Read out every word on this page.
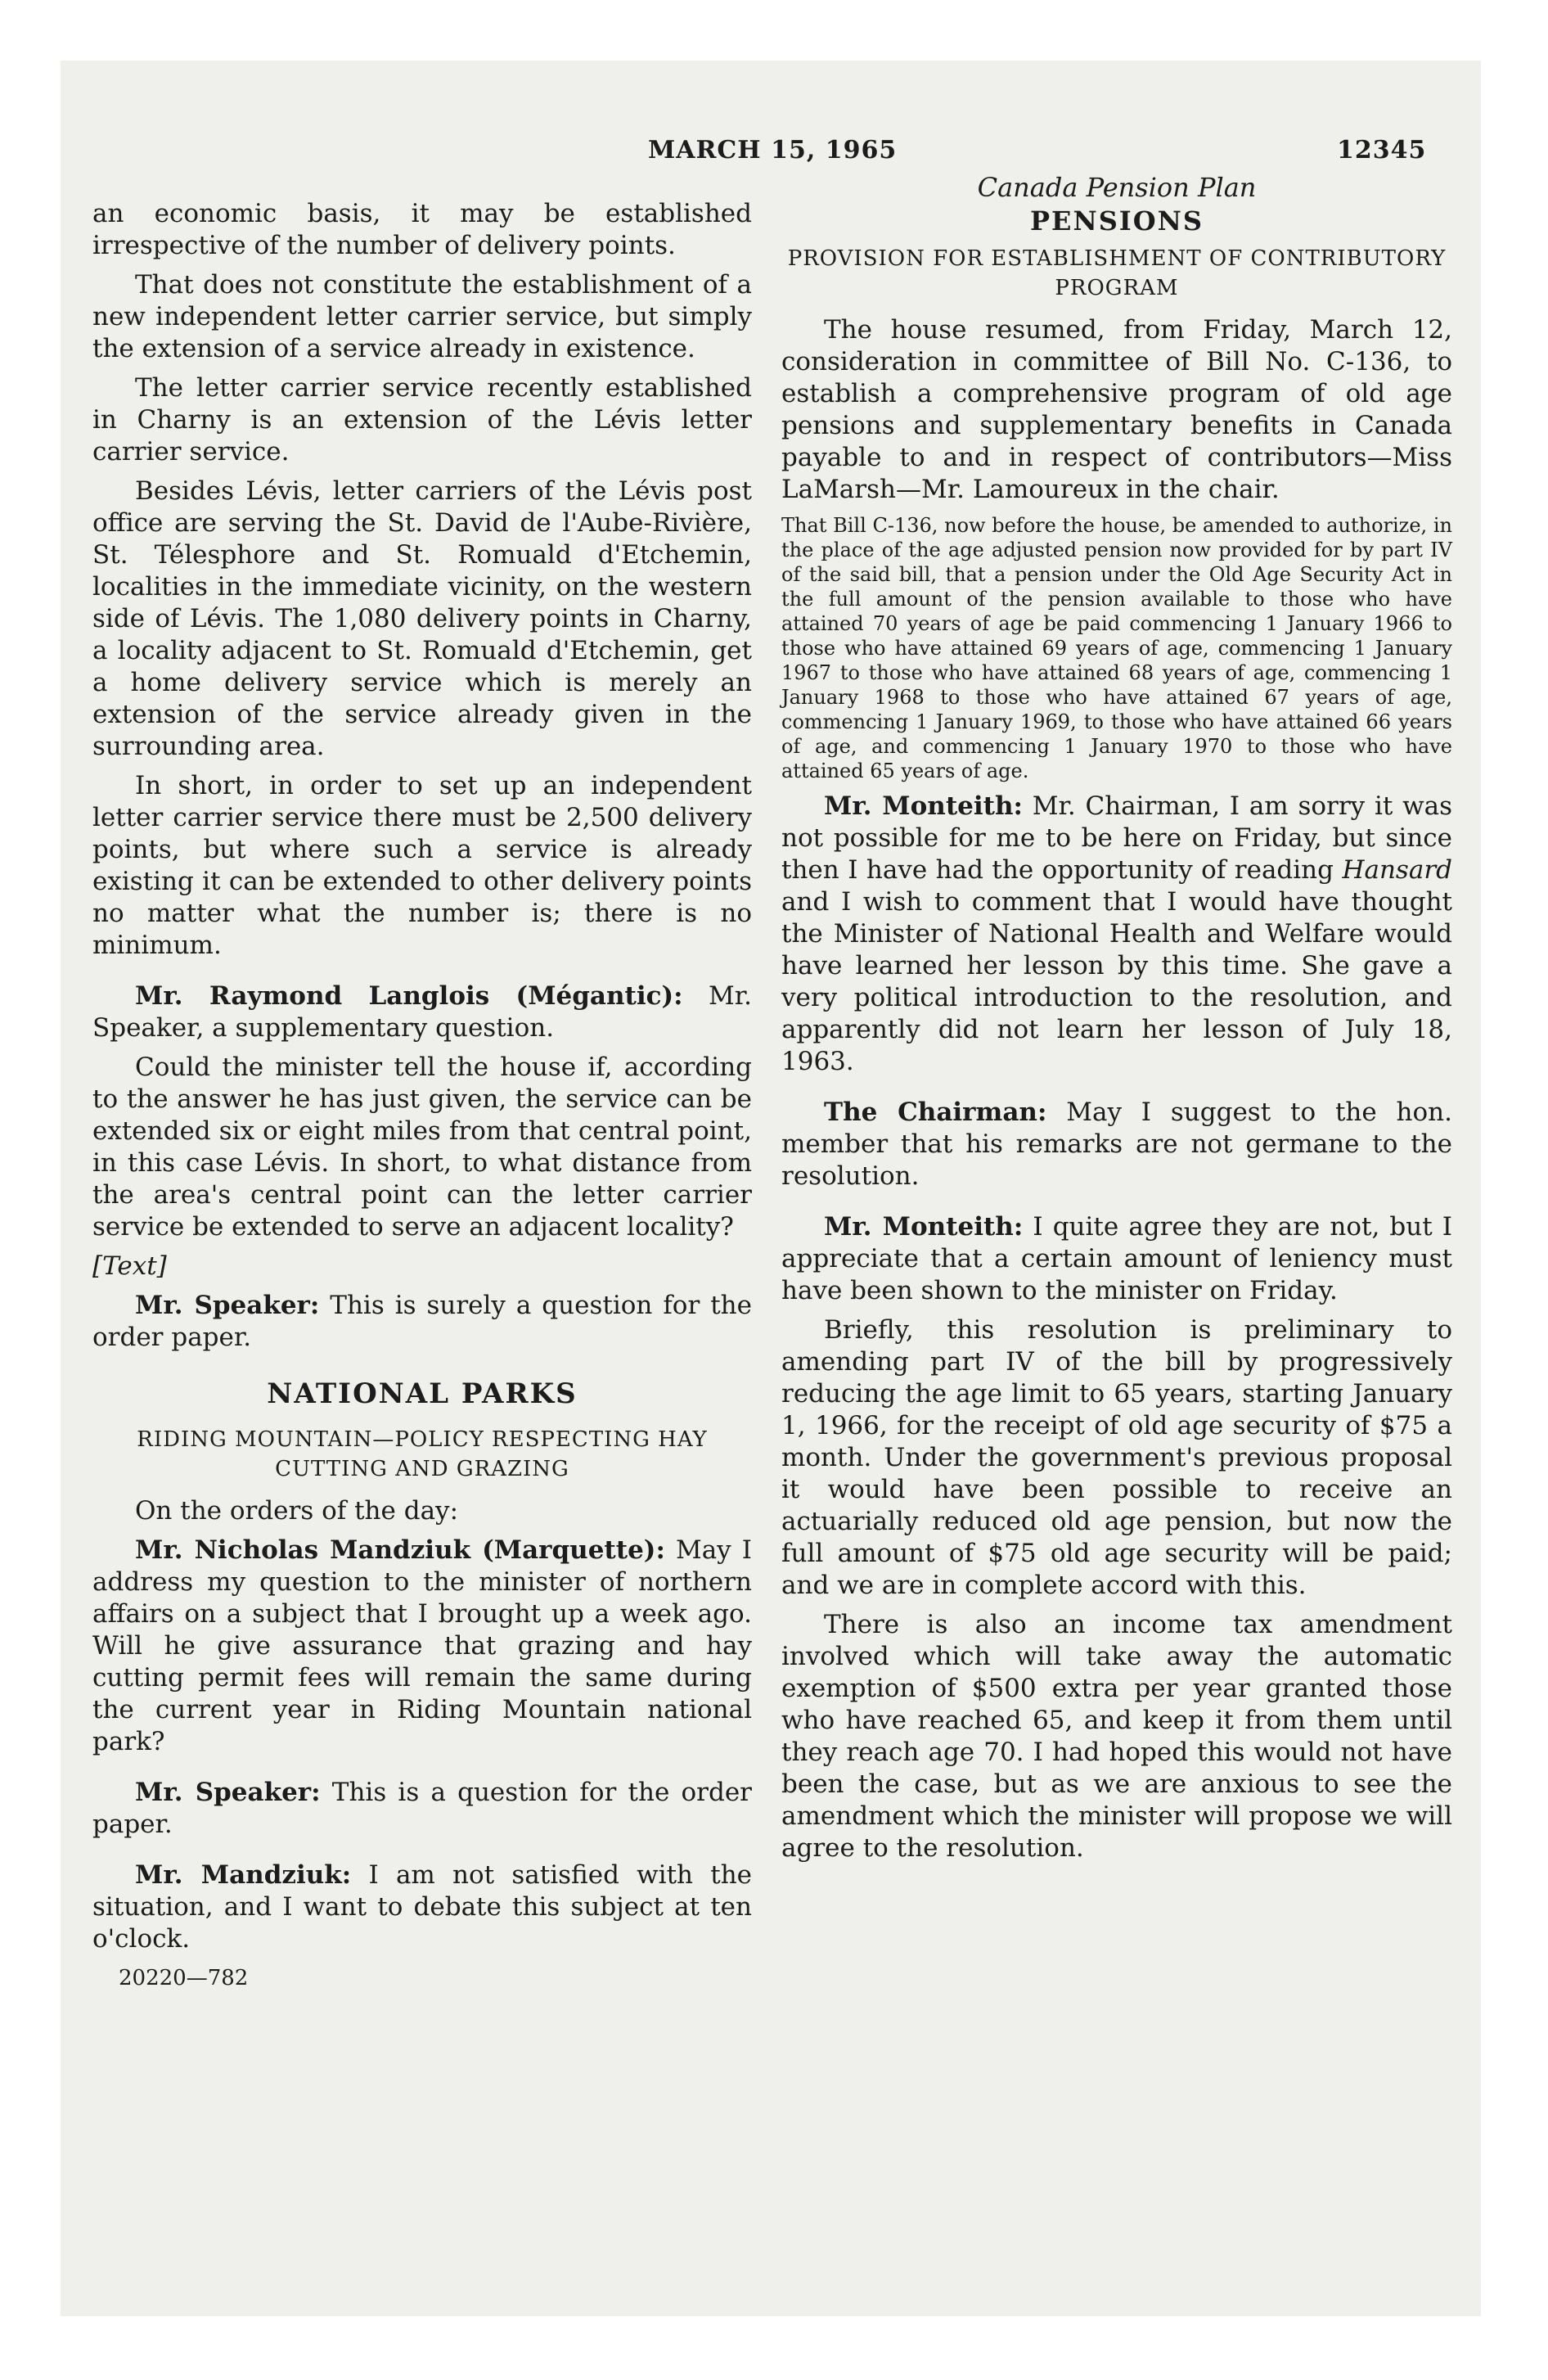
MARCH 15, 1965	12345

an economic basis, it may be established irrespective of the number of delivery points.

That does not constitute the establishment of a new independent letter carrier service, but simply the extension of a service already in existence.

The letter carrier service recently established in Charny is an extension of the Lévis letter carrier service.

Besides Lévis, letter carriers of the Lévis post office are serving the St. David de l'Aube-Rivière, St. Télesphore and St. Romuald d'Etchemin, localities in the immediate vicinity, on the western side of Lévis. The 1,080 delivery points in Charny, a locality adjacent to St. Romuald d'Etchemin, get a home delivery service which is merely an extension of the service already given in the surrounding area.

In short, in order to set up an independent letter carrier service there must be 2,500 delivery points, but where such a service is already existing it can be extended to other delivery points no matter what the number is; there is no minimum.

Mr. Raymond Langlois (Mégantic): Mr. Speaker, a supplementary question.

Could the minister tell the house if, according to the answer he has just given, the service can be extended six or eight miles from that central point, in this case Lévis. In short, to what distance from the area's central point can the letter carrier service be extended to serve an adjacent locality?

[Text]

Mr. Speaker: This is surely a question for the order paper.

NATIONAL PARKS
RIDING MOUNTAIN—POLICY RESPECTING HAY CUTTING AND GRAZING

On the orders of the day:

Mr. Nicholas Mandziuk (Marquette): May I address my question to the minister of northern affairs on a subject that I brought up a week ago. Will he give assurance that grazing and hay cutting permit fees will remain the same during the current year in Riding Mountain national park?

Mr. Speaker: This is a question for the order paper.

Mr. Mandziuk: I am not satisfied with the situation, and I want to debate this subject at ten o'clock.

20220—782

Canada Pension Plan
PENSIONS
PROVISION FOR ESTABLISHMENT OF CONTRIBUTORY PROGRAM

The house resumed, from Friday, March 12, consideration in committee of Bill No. C-136, to establish a comprehensive program of old age pensions and supplementary benefits in Canada payable to and in respect of contributors—Miss LaMarsh—Mr. Lamoureux in the chair.

That Bill C-136, now before the house, be amended to authorize, in the place of the age adjusted pension now provided for by part IV of the said bill, that a pension under the Old Age Security Act in the full amount of the pension available to those who have attained 70 years of age be paid commencing 1 January 1966 to those who have attained 69 years of age, commencing 1 January 1967 to those who have attained 68 years of age, commencing 1 January 1968 to those who have attained 67 years of age, commencing 1 January 1969, to those who have attained 66 years of age, and commencing 1 January 1970 to those who have attained 65 years of age.

Mr. Monteith: Mr. Chairman, I am sorry it was not possible for me to be here on Friday, but since then I have had the opportunity of reading Hansard and I wish to comment that I would have thought the Minister of National Health and Welfare would have learned her lesson by this time. She gave a very political introduction to the resolution, and apparently did not learn her lesson of July 18, 1963.

The Chairman: May I suggest to the hon. member that his remarks are not germane to the resolution.

Mr. Monteith: I quite agree they are not, but I appreciate that a certain amount of leniency must have been shown to the minister on Friday.

Briefly, this resolution is preliminary to amending part IV of the bill by progressively reducing the age limit to 65 years, starting January 1, 1966, for the receipt of old age security of $75 a month. Under the government's previous proposal it would have been possible to receive an actuarially reduced old age pension, but now the full amount of $75 old age security will be paid; and we are in complete accord with this.

There is also an income tax amendment involved which will take away the automatic exemption of $500 extra per year granted those who have reached 65, and keep it from them until they reach age 70. I had hoped this would not have been the case, but as we are anxious to see the amendment which the minister will propose we will agree to the resolution.
